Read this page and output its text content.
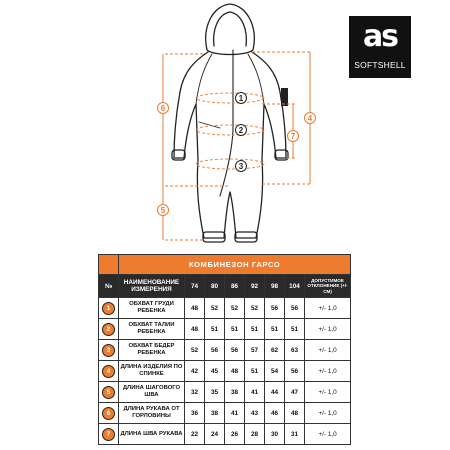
1
2
3
4
5
6
7
as
SOFTSHELL
	КОМБИНЕЗОН ГАРСО							
№	НАИМЕНОВАНИЕ ИЗМЕРЕНИЯ	74	80	86	92	98	104	ДОПУСТИМОЕ ОТКЛОНЕНИЕ (+/-СМ)
1	ОБХВАТ ГРУДИ РЕБЕНКА	48	52	52	52	56	56	+/- 1,0
2	ОБХВАТ ТАЛИИ РЕБЕНКА	48	51	51	51	51	51	+/- 1,0
3	ОБХВАТ БЕДЕР РЕБЕНКА	52	56	56	57	62	63	+/- 1,0
4	ДЛИНА ИЗДЕЛИЯ ПО СПИНКЕ	42	45	48	51	54	56	+/- 1,0
5	ДЛИНА ШАГОВОГО ШВА	32	35	38	41	44	47	+/- 1,0
6	ДЛИНА РУКАВА ОТ ГОРЛОВИНЫ	36	38	41	43	46	48	+/- 1,0
7	ДЛИНА ШВА РУКАВА	22	24	26	28	30	31	+/- 1,0
